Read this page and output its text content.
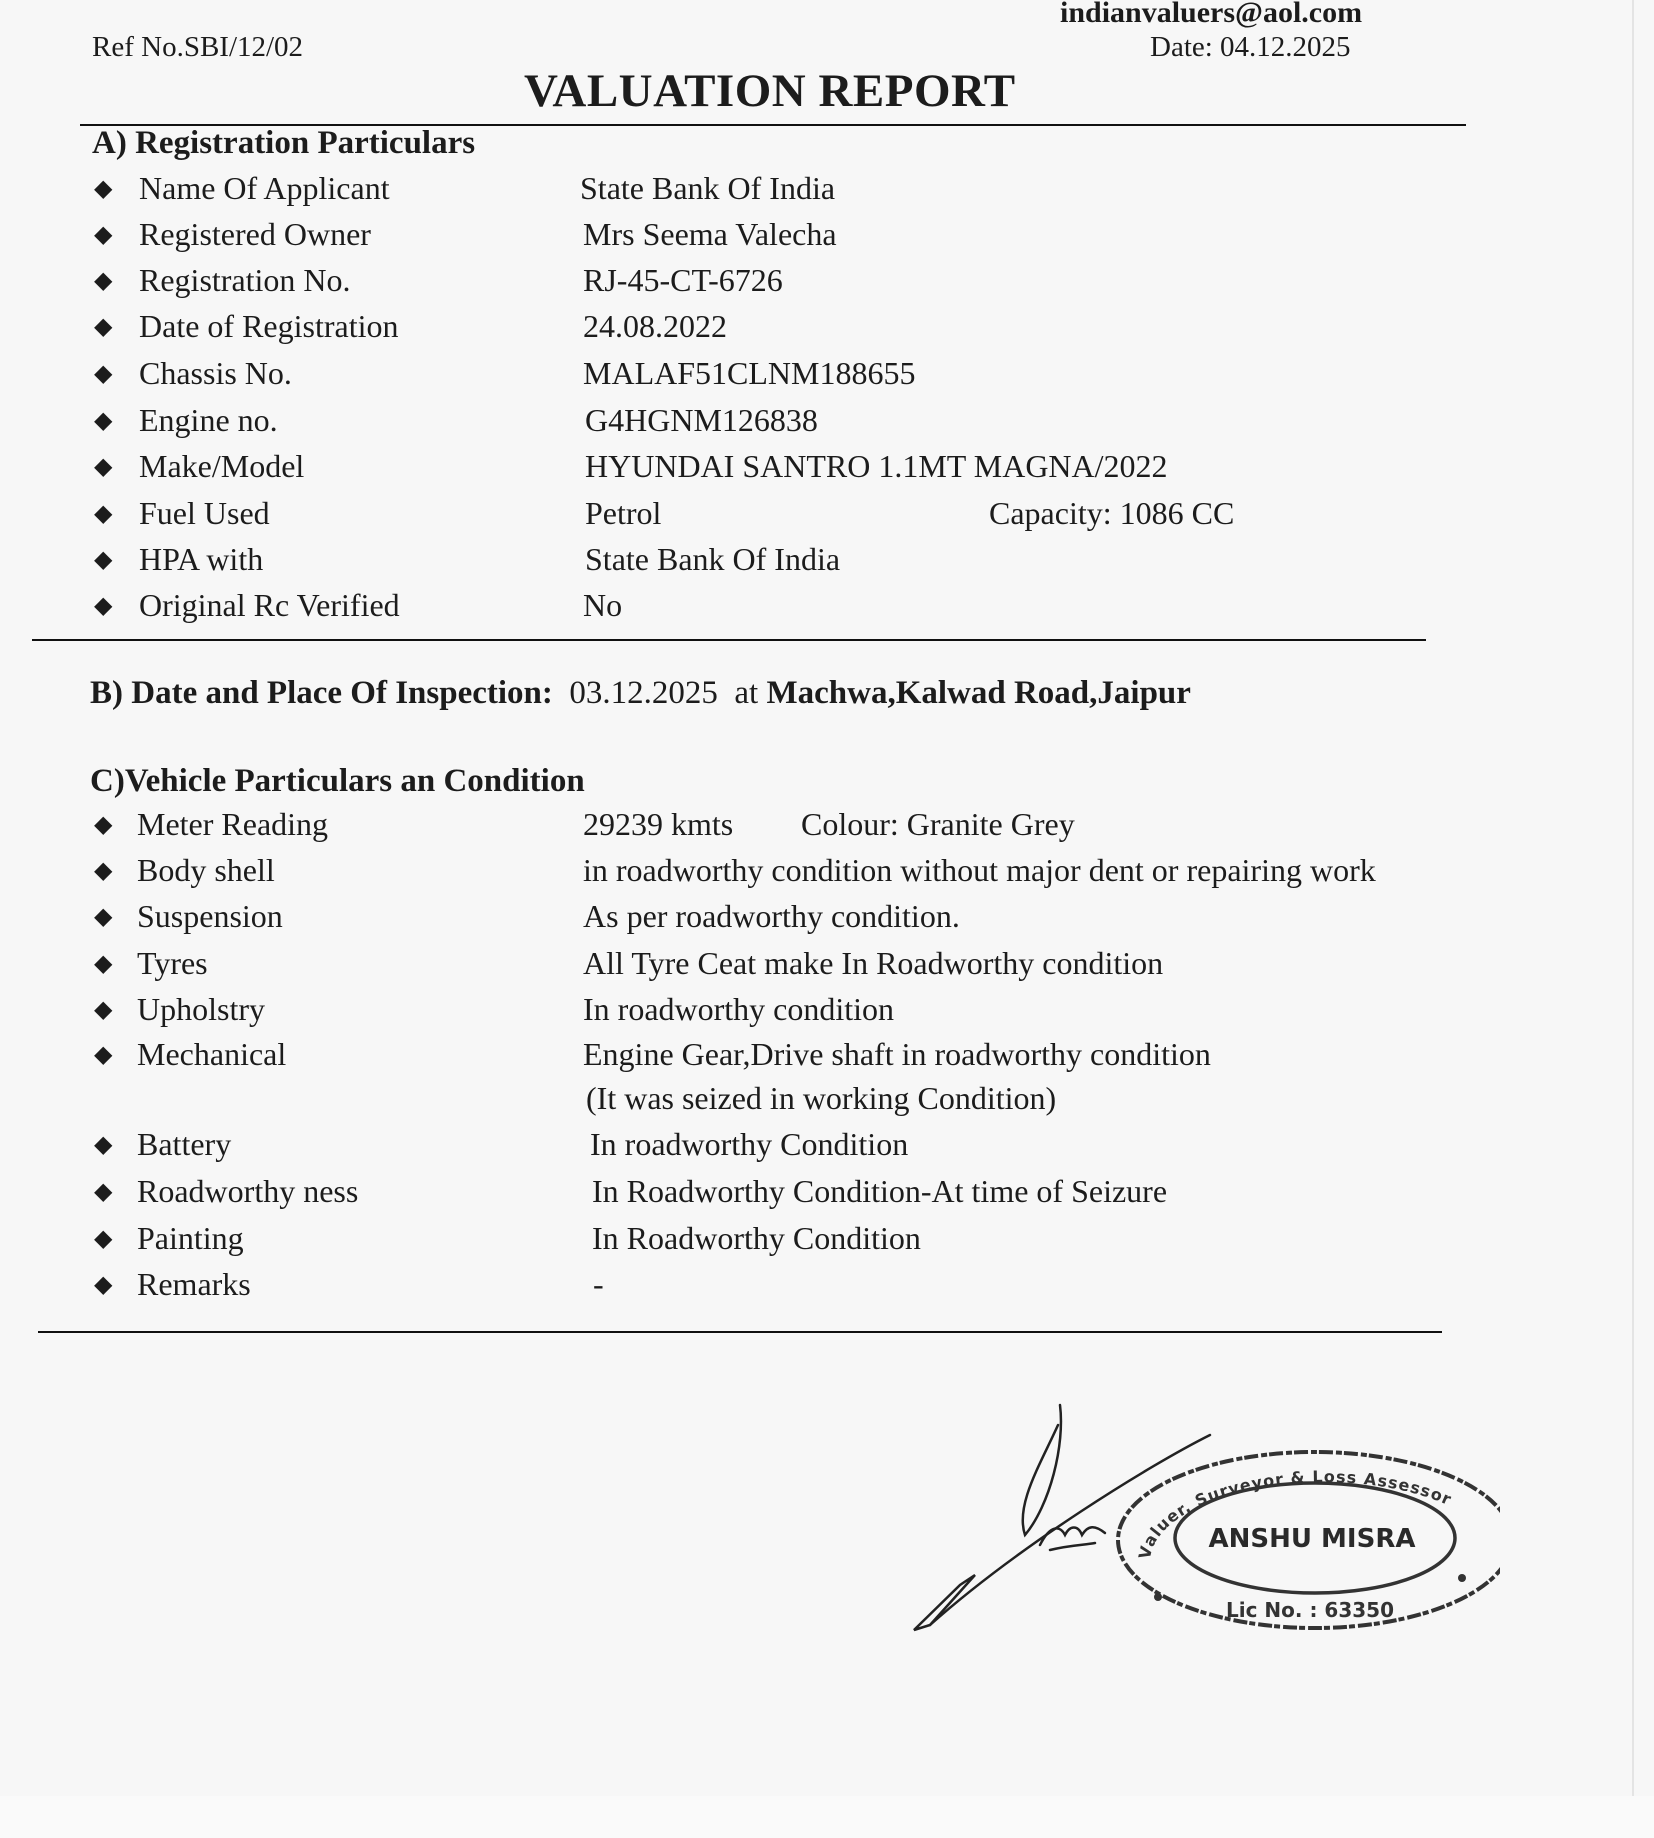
indianvaluers@aol.com
Date: 04.12.2025
Ref No.SBI/12/02
VALUATION REPORT
A) Registration Particulars
◆ Name Of Applicant	State Bank Of India
◆ Registered Owner	Mrs Seema Valecha
◆ Registration No.	RJ-45-CT-6726
◆ Date of Registration	24.08.2022
◆ Chassis No.	MALAF51CLNM188655
◆ Engine no.	G4HGNM126838
◆ Make/Model	HYUNDAI SANTRO 1.1MT MAGNA/2022
◆ Fuel Used	Petrol	Capacity: 1086 CC
◆ HPA with	State Bank Of India
◆ Original Rc Verified	No
B) Date and Place Of Inspection: 03.12.2025 at Machwa,Kalwad Road,Jaipur
C)Vehicle Particulars an Condition
◆ Meter Reading	29239 kmts Colour: Granite Grey
◆ Body shell	in roadworthy condition without major dent or repairing work
◆ Suspension	As per roadworthy condition.
◆ Tyres	All Tyre Ceat make In Roadworthy condition
◆ Upholstry	In roadworthy condition
◆ Mechanical	Engine Gear,Drive shaft in roadworthy condition
(It was seized in working Condition)
◆ Battery	In roadworthy Condition
◆ Roadworthy ness	In Roadworthy Condition-At time of Seizure
◆ Painting	In Roadworthy Condition
◆ Remarks	-
Valuer, Surveyor & Loss Assessor
ANSHU MISRA
Lic No. : 63350
